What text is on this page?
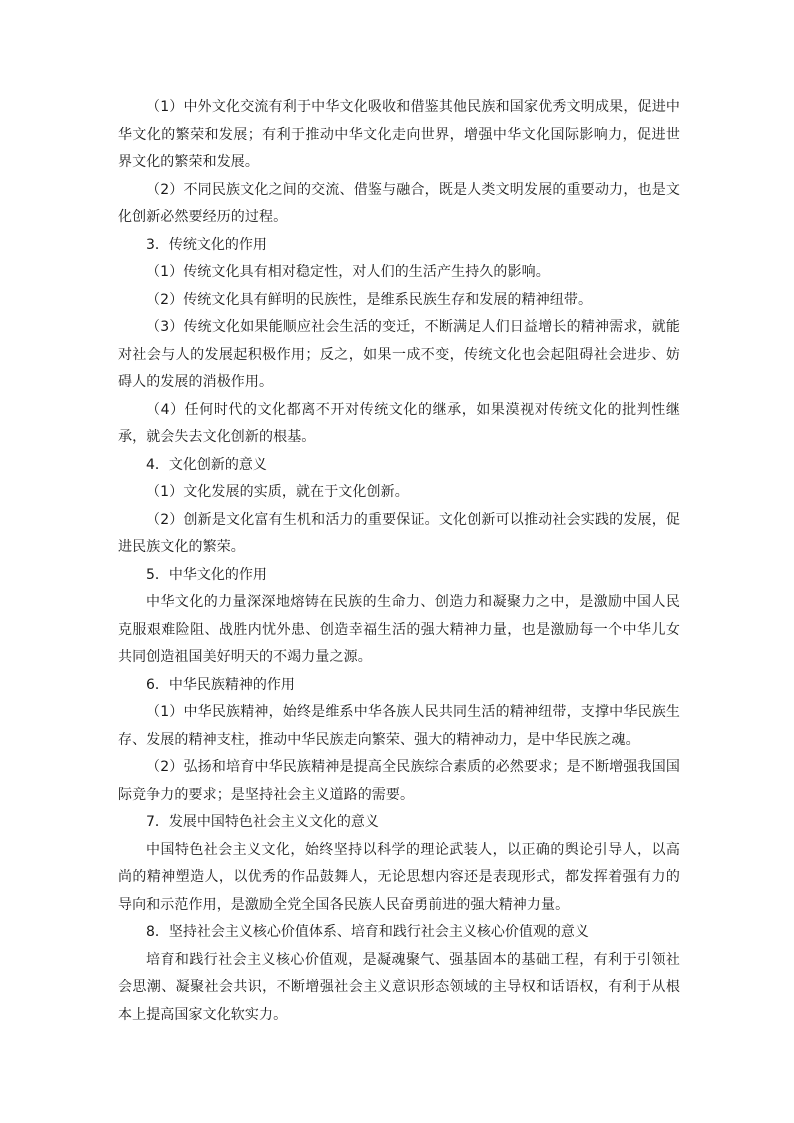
（1）中外文化交流有利于中华文化吸收和借鉴其他民族和国家优秀文明成果，促进中华文化的繁荣和发展；有利于推动中华文化走向世界，增强中华文化国际影响力，促进世界文化的繁荣和发展。

（2）不同民族文化之间的交流、借鉴与融合，既是人类文明发展的重要动力，也是文化创新必然要经历的过程。

3．传统文化的作用

（1）传统文化具有相对稳定性，对人们的生活产生持久的影响。

（2）传统文化具有鲜明的民族性，是维系民族生存和发展的精神纽带。

（3）传统文化如果能顺应社会生活的变迁，不断满足人们日益增长的精神需求，就能对社会与人的发展起积极作用；反之，如果一成不变，传统文化也会起阻碍社会进步、妨碍人的发展的消极作用。

（4）任何时代的文化都离不开对传统文化的继承，如果漠视对传统文化的批判性继承，就会失去文化创新的根基。

4．文化创新的意义

（1）文化发展的实质，就在于文化创新。

（2）创新是文化富有生机和活力的重要保证。文化创新可以推动社会实践的发展，促进民族文化的繁荣。

5．中华文化的作用

中华文化的力量深深地熔铸在民族的生命力、创造力和凝聚力之中，是激励中国人民克服艰难险阻、战胜内忧外患、创造幸福生活的强大精神力量，也是激励每一个中华儿女共同创造祖国美好明天的不竭力量之源。

6．中华民族精神的作用

（1）中华民族精神，始终是维系中华各族人民共同生活的精神纽带，支撑中华民族生存、发展的精神支柱，推动中华民族走向繁荣、强大的精神动力，是中华民族之魂。

（2）弘扬和培育中华民族精神是提高全民族综合素质的必然要求；是不断增强我国国际竞争力的要求；是坚持社会主义道路的需要。

7．发展中国特色社会主义文化的意义

中国特色社会主义文化，始终坚持以科学的理论武装人，以正确的舆论引导人，以高尚的精神塑造人，以优秀的作品鼓舞人，无论思想内容还是表现形式，都发挥着强有力的导向和示范作用，是激励全党全国各民族人民奋勇前进的强大精神力量。

8．坚持社会主义核心价值体系、培育和践行社会主义核心价值观的意义

培育和践行社会主义核心价值观，是凝魂聚气、强基固本的基础工程，有利于引领社会思潮、凝聚社会共识，不断增强社会主义意识形态领域的主导权和话语权，有利于从根本上提高国家文化软实力。
